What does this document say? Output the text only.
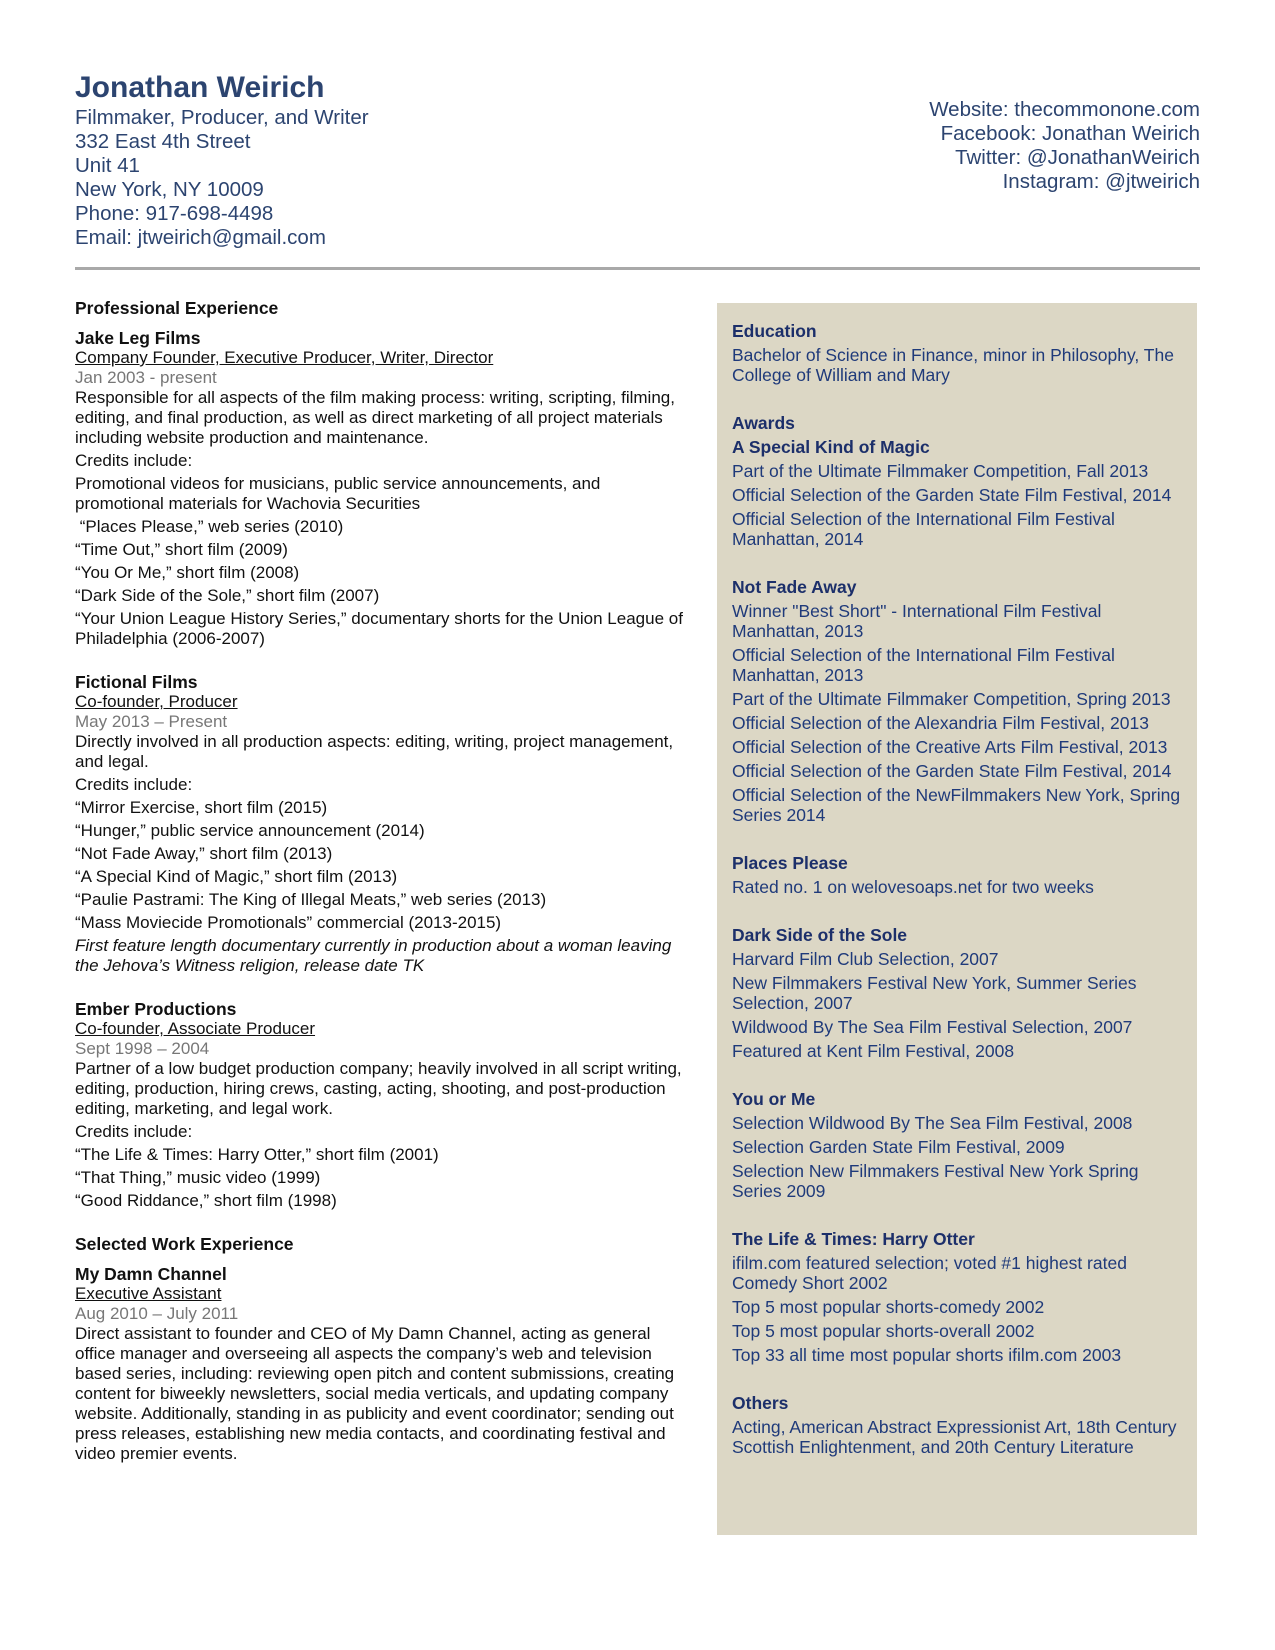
Jonathan Weirich
Filmmaker, Producer, and Writer
332 East 4th Street
Unit 41
New York, NY 10009
Phone: 917-698-4498
Email: jtweirich@gmail.com
Website: thecommonone.com
Facebook: Jonathan Weirich
Twitter: @JonathanWeirich
Instagram: @jtweirich
Professional Experience
Jake Leg Films
Company Founder, Executive Producer, Writer, Director
Jan 2003 - present
Responsible for all aspects of the film making process: writing, scripting, filming, editing, and final production, as well as direct marketing of all project materials including website production and maintenance.
Credits include:
Promotional videos for musicians, public service announcements, and promotional materials for Wachovia Securities
“Places Please,” web series (2010)
“Time Out,” short film (2009)
“You Or Me,” short film (2008)
“Dark Side of the Sole,” short film (2007)
“Your Union League History Series,” documentary shorts for the Union League of Philadelphia (2006-2007)
Fictional Films
Co-founder, Producer
May 2013 – Present
Directly involved in all production aspects: editing, writing, project management, and legal.
Credits include:
“Mirror Exercise, short film (2015)
“Hunger,” public service announcement (2014)
“Not Fade Away,” short film (2013)
“A Special Kind of Magic,” short film (2013)
“Paulie Pastrami: The King of Illegal Meats,” web series (2013)
“Mass Moviecide Promotionals” commercial (2013-2015)
First feature length documentary currently in production about a woman leaving the Jehova’s Witness religion, release date TK
Ember Productions
Co-founder, Associate Producer
Sept 1998 – 2004
Partner of a low budget production company; heavily involved in all script writing, editing, production, hiring crews, casting, acting, shooting, and post-production editing, marketing, and legal work.
Credits include:
“The Life & Times: Harry Otter,” short film (2001)
“That Thing,” music video (1999)
“Good Riddance,” short film (1998)
Selected Work Experience
My Damn Channel
Executive Assistant
Aug 2010 – July 2011
Direct assistant to founder and CEO of My Damn Channel, acting as general office manager and overseeing all aspects the company’s web and television based series, including: reviewing open pitch and content submissions, creating content for biweekly newsletters, social media verticals, and updating company website. Additionally, standing in as publicity and event coordinator; sending out press releases, establishing new media contacts, and coordinating festival and video premier events.
Education
Bachelor of Science in Finance, minor in Philosophy, The College of William and Mary
Awards
A Special Kind of Magic
Part of the Ultimate Filmmaker Competition, Fall 2013
Official Selection of the Garden State Film Festival, 2014
Official Selection of the International Film Festival Manhattan, 2014
Not Fade Away
Winner "Best Short" - International Film Festival Manhattan, 2013
Official Selection of the International Film Festival Manhattan, 2013
Part of the Ultimate Filmmaker Competition, Spring 2013
Official Selection of the Alexandria Film Festival, 2013
Official Selection of the Creative Arts Film Festival, 2013
Official Selection of the Garden State Film Festival, 2014
Official Selection of the NewFilmmakers New York, Spring Series 2014
Places Please
Rated no. 1 on welovesoaps.net for two weeks
Dark Side of the Sole
Harvard Film Club Selection, 2007
New Filmmakers Festival New York, Summer Series Selection, 2007
Wildwood By The Sea Film Festival Selection, 2007
Featured at Kent Film Festival, 2008
You or Me
Selection Wildwood By The Sea Film Festival, 2008
Selection Garden State Film Festival, 2009
Selection New Filmmakers Festival New York Spring Series 2009
The Life & Times: Harry Otter
ifilm.com featured selection; voted #1 highest rated Comedy Short 2002
Top 5 most popular shorts-comedy 2002
Top 5 most popular shorts-overall 2002
Top 33 all time most popular shorts ifilm.com 2003
Others
Acting, American Abstract Expressionist Art, 18th Century Scottish Enlightenment, and 20th Century Literature
